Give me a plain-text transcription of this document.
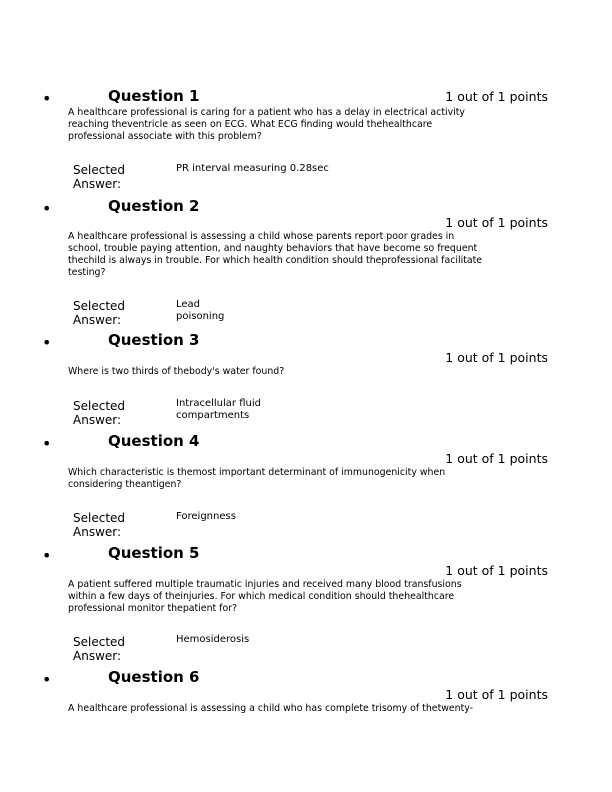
•	Question 1	1 out of 1 points
A healthcare professional is caring for a patient who has a delay in electrical activity
reaching theventricle as seen on ECG. What ECG finding would thehealthcare
professional associate with this problem?
Selected
Answer:
PR interval measuring 0.28sec
•	Question 2
1 out of 1 points
A healthcare professional is assessing a child whose parents report poor grades in
school, trouble paying attention, and naughty behaviors that have become so frequent
thechild is always in trouble. For which health condition should theprofessional facilitate
testing?
Selected
Answer:
Lead
poisoning
•	Question 3
1 out of 1 points
Where is two thirds of thebody's water found?
Selected
Answer:
Intracellular fluid
compartments
•	Question 4
1 out of 1 points
Which characteristic is themost important determinant of immunogenicity when
considering theantigen?
Selected
Answer:
Foreignness
•	Question 5
1 out of 1 points
A patient suffered multiple traumatic injuries and received many blood transfusions
within a few days of theinjuries. For which medical condition should thehealthcare
professional monitor thepatient for?
Selected
Answer:
Hemosiderosis
•	Question 6
1 out of 1 points
A healthcare professional is assessing a child who has complete trisomy of thetwenty-
